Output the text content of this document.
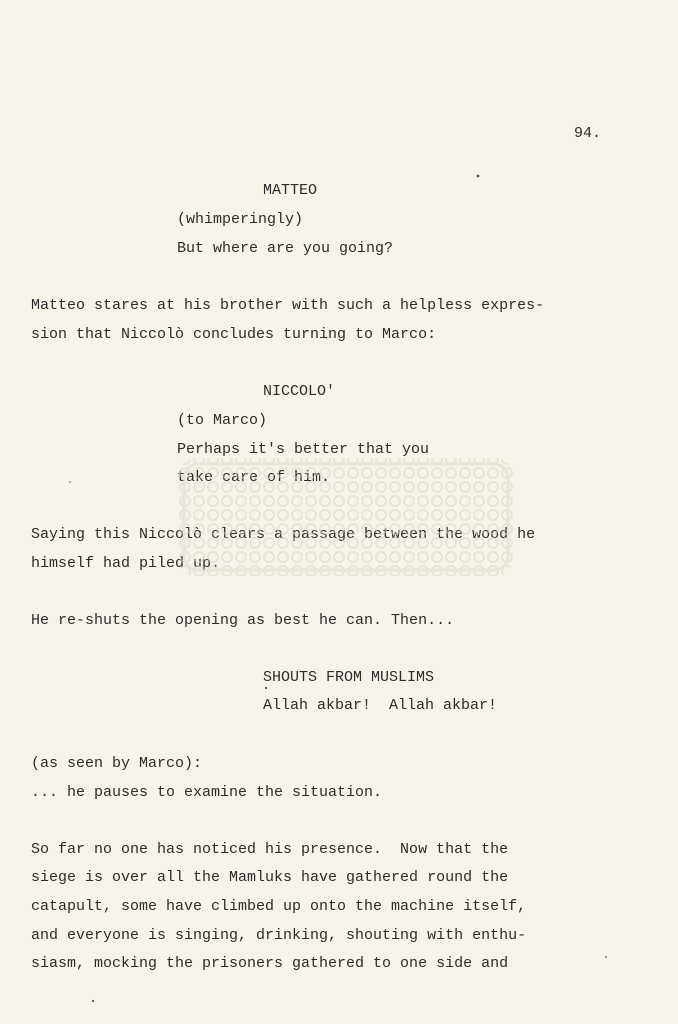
94.
MATTEO
(whimperingly)
But where are you going?
Matteo stares at his brother with such a helpless expres-
sion that Niccolò concludes turning to Marco:
NICCOLO'
(to Marco)
Perhaps it's better that you
take care of him.
Saying this Niccolò clears a passage between the wood he
himself had piled up.
He re-shuts the opening as best he can. Then...
SHOUTS FROM MUSLIMS
Allah akbar!  Allah akbar!
(as seen by Marco):
... he pauses to examine the situation.
So far no one has noticed his presence.  Now that the
siege is over all the Mamluks have gathered round the
catapult, some have climbed up onto the machine itself,
and everyone is singing, drinking, shouting with enthu-
siasm, mocking the prisoners gathered to one side and
